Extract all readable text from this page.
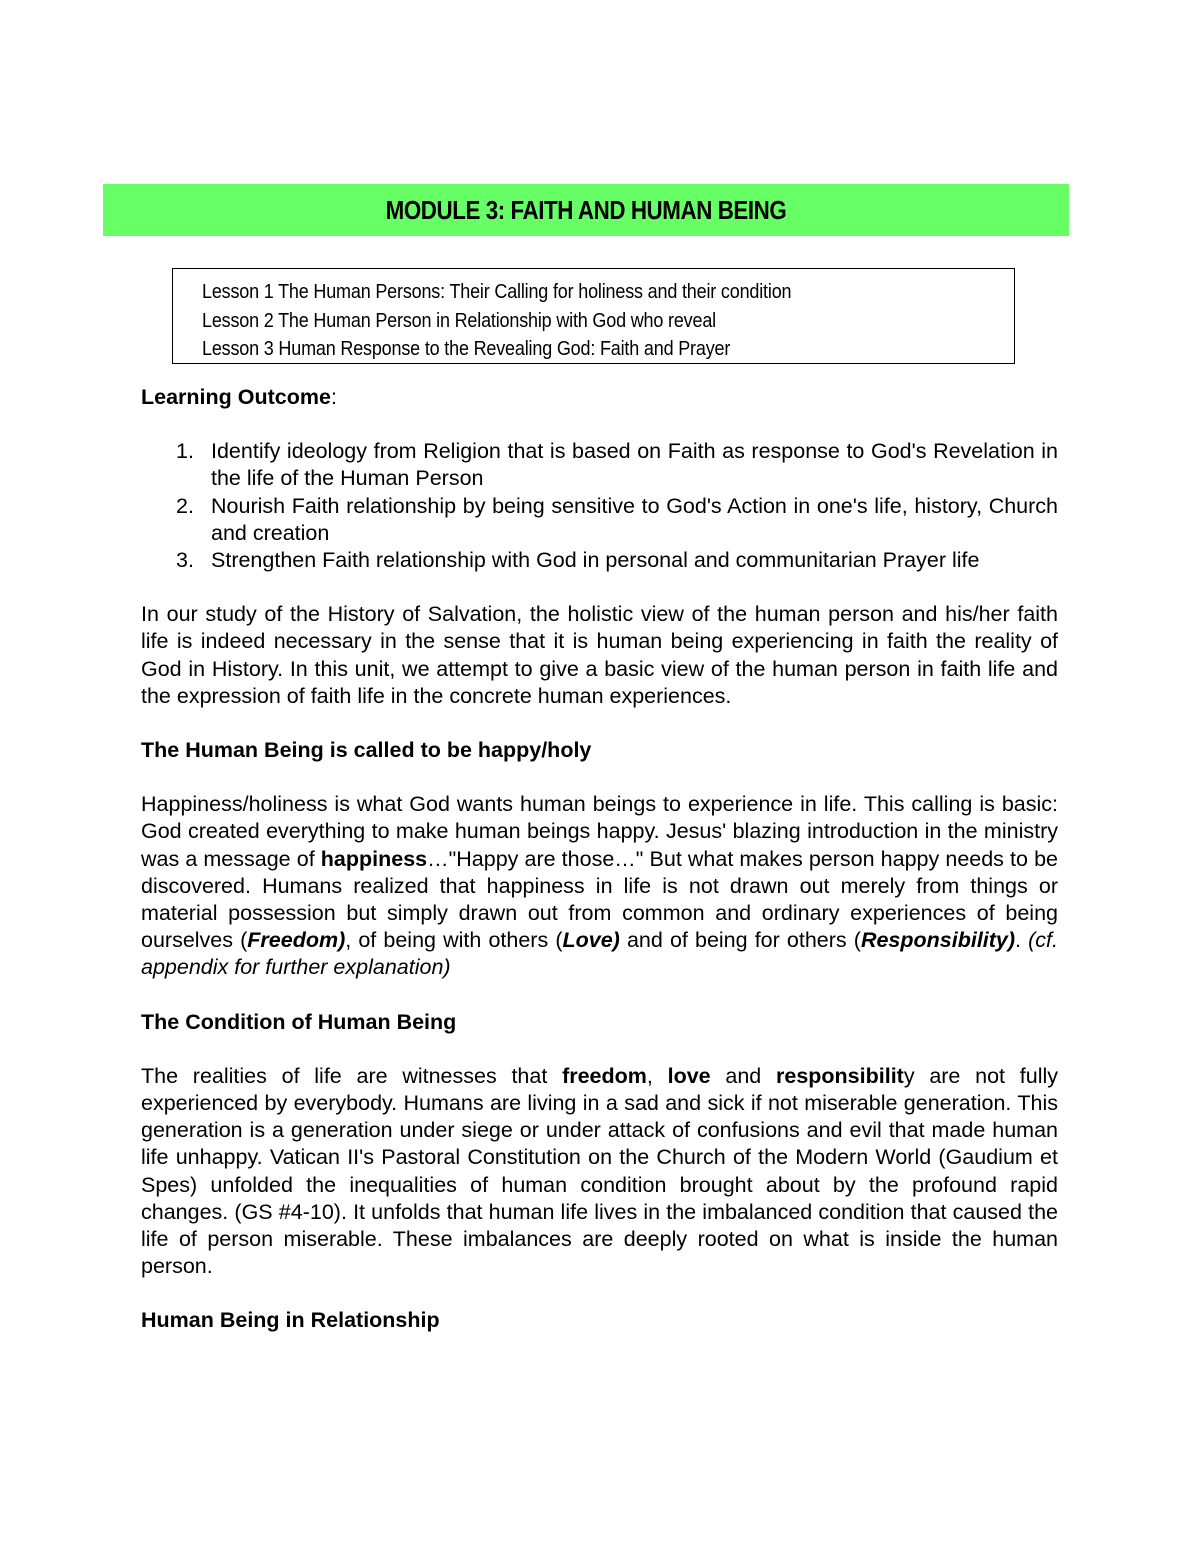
MODULE 3: FAITH AND HUMAN BEING
Lesson 1 The Human Persons: Their Calling for holiness and their condition
Lesson 2 The Human Person in Relationship with God who reveal
Lesson 3 Human Response to the Revealing God: Faith and Prayer

Learning Outcome:

1. Identify ideology from Religion that is based on Faith as response to God's Revelation in the life of the Human Person
2. Nourish Faith relationship by being sensitive to God's Action in one's life, history, Church and creation
3. Strengthen Faith relationship with God in personal and communitarian Prayer life

In our study of the History of Salvation, the holistic view of the human person and his/her faith life is indeed necessary in the sense that it is human being experiencing in faith the reality of God in History. In this unit, we attempt to give a basic view of the human person in faith life and the expression of faith life in the concrete human experiences.

The Human Being is called to be happy/holy

Happiness/holiness is what God wants human beings to experience in life. This calling is basic: God created everything to make human beings happy. Jesus' blazing introduction in the ministry was a message of happiness…"Happy are those…" But what makes person happy needs to be discovered. Humans realized that happiness in life is not drawn out merely from things or material possession but simply drawn out from common and ordinary experiences of being ourselves (Freedom), of being with others (Love) and of being for others (Responsibility). (cf. appendix for further explanation)

The Condition of Human Being

The realities of life are witnesses that freedom, love and responsibility are not fully experienced by everybody. Humans are living in a sad and sick if not miserable generation. This generation is a generation under siege or under attack of confusions and evil that made human life unhappy. Vatican II's Pastoral Constitution on the Church of the Modern World (Gaudium et Spes) unfolded the inequalities of human condition brought about by the profound rapid changes. (GS #4-10). It unfolds that human life lives in the imbalanced condition that caused the life of person miserable. These imbalances are deeply rooted on what is inside the human person.

Human Being in Relationship
